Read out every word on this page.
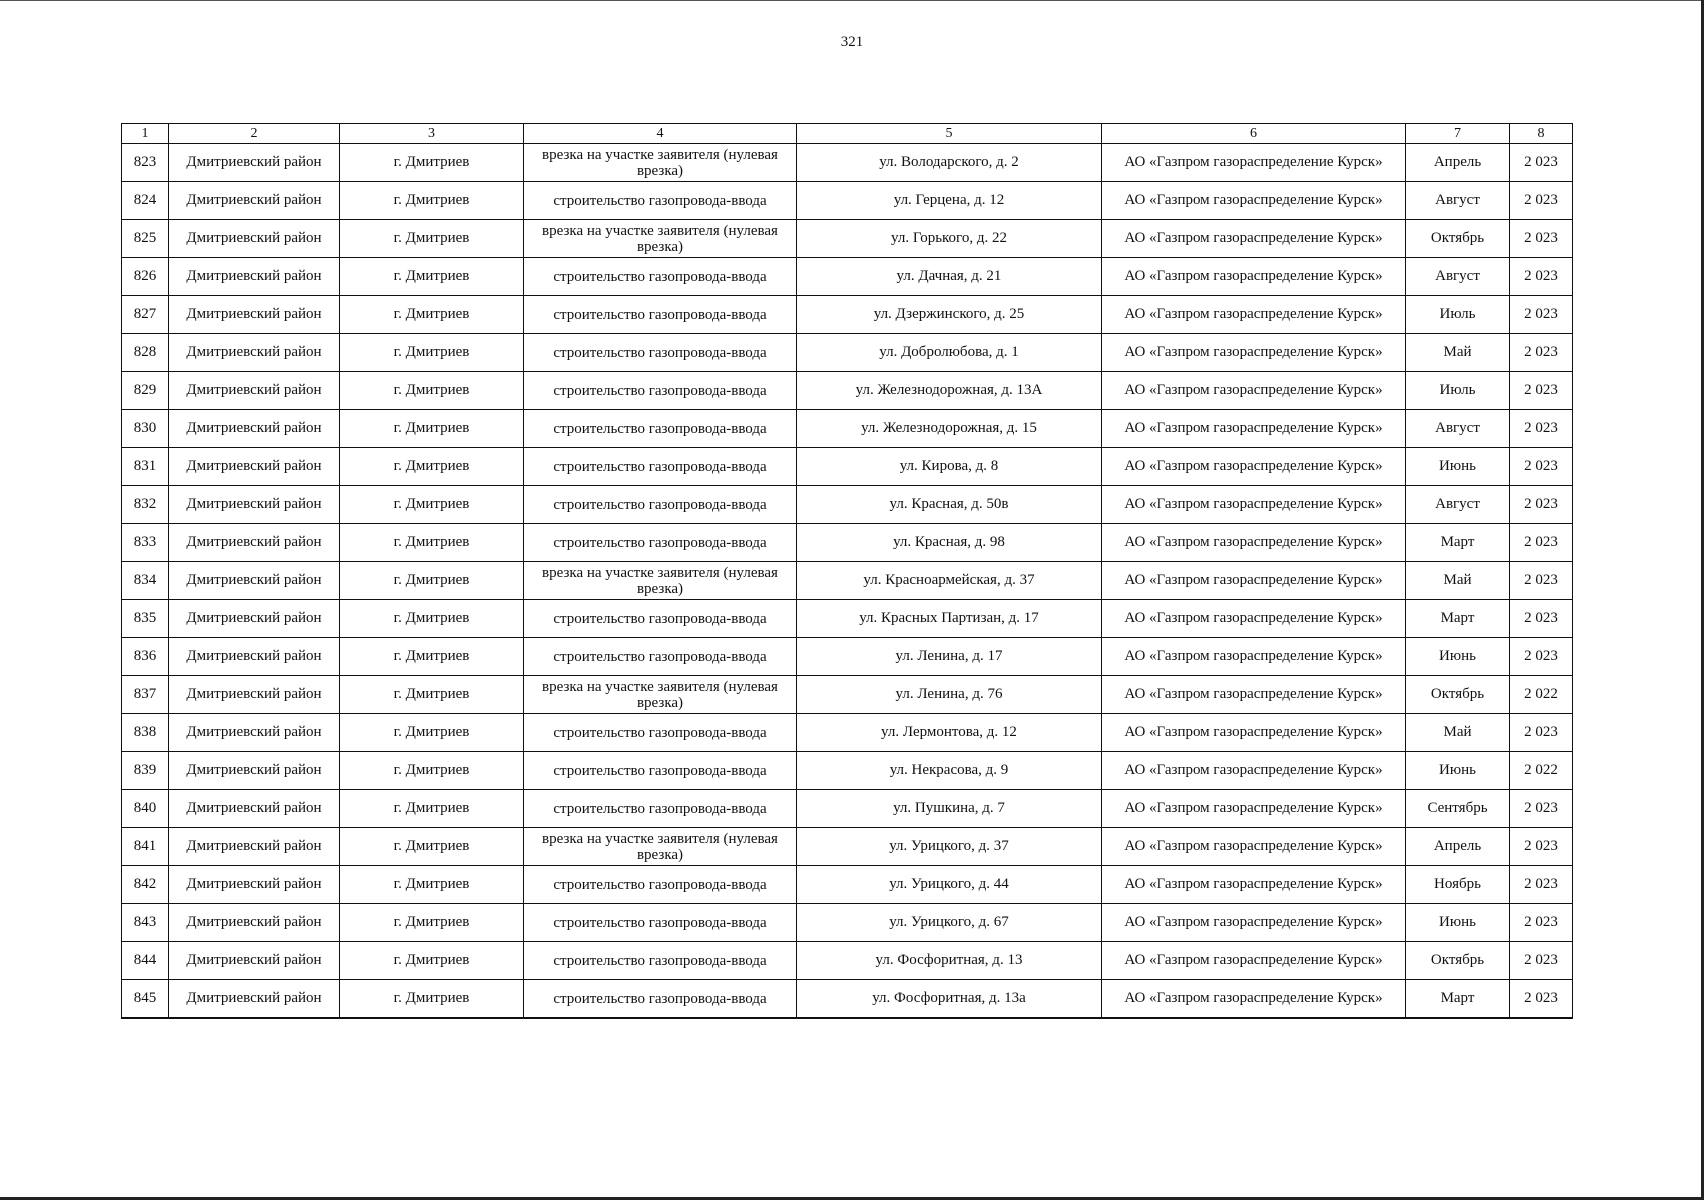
321
1	2	3	4	5	6	7	8
823	Дмитриевский район	г. Дмитриев	врезка на участке заявителя (нулевая врезка)	ул. Володарского, д. 2	АО «Газпром газораспределение Курск»	Апрель	2 023
824	Дмитриевский район	г. Дмитриев	строительство газопровода-ввода	ул. Герцена, д. 12	АО «Газпром газораспределение Курск»	Август	2 023
825	Дмитриевский район	г. Дмитриев	врезка на участке заявителя (нулевая врезка)	ул. Горького, д. 22	АО «Газпром газораспределение Курск»	Октябрь	2 023
826	Дмитриевский район	г. Дмитриев	строительство газопровода-ввода	ул. Дачная, д. 21	АО «Газпром газораспределение Курск»	Август	2 023
827	Дмитриевский район	г. Дмитриев	строительство газопровода-ввода	ул. Дзержинского, д. 25	АО «Газпром газораспределение Курск»	Июль	2 023
828	Дмитриевский район	г. Дмитриев	строительство газопровода-ввода	ул. Добролюбова, д. 1	АО «Газпром газораспределение Курск»	Май	2 023
829	Дмитриевский район	г. Дмитриев	строительство газопровода-ввода	ул. Железнодорожная, д. 13А	АО «Газпром газораспределение Курск»	Июль	2 023
830	Дмитриевский район	г. Дмитриев	строительство газопровода-ввода	ул. Железнодорожная, д. 15	АО «Газпром газораспределение Курск»	Август	2 023
831	Дмитриевский район	г. Дмитриев	строительство газопровода-ввода	ул. Кирова, д. 8	АО «Газпром газораспределение Курск»	Июнь	2 023
832	Дмитриевский район	г. Дмитриев	строительство газопровода-ввода	ул. Красная, д. 50в	АО «Газпром газораспределение Курск»	Август	2 023
833	Дмитриевский район	г. Дмитриев	строительство газопровода-ввода	ул. Красная, д. 98	АО «Газпром газораспределение Курск»	Март	2 023
834	Дмитриевский район	г. Дмитриев	врезка на участке заявителя (нулевая врезка)	ул. Красноармейская, д. 37	АО «Газпром газораспределение Курск»	Май	2 023
835	Дмитриевский район	г. Дмитриев	строительство газопровода-ввода	ул. Красных Партизан, д. 17	АО «Газпром газораспределение Курск»	Март	2 023
836	Дмитриевский район	г. Дмитриев	строительство газопровода-ввода	ул. Ленина, д. 17	АО «Газпром газораспределение Курск»	Июнь	2 023
837	Дмитриевский район	г. Дмитриев	врезка на участке заявителя (нулевая врезка)	ул. Ленина, д. 76	АО «Газпром газораспределение Курск»	Октябрь	2 022
838	Дмитриевский район	г. Дмитриев	строительство газопровода-ввода	ул. Лермонтова, д. 12	АО «Газпром газораспределение Курск»	Май	2 023
839	Дмитриевский район	г. Дмитриев	строительство газопровода-ввода	ул. Некрасова, д. 9	АО «Газпром газораспределение Курск»	Июнь	2 022
840	Дмитриевский район	г. Дмитриев	строительство газопровода-ввода	ул. Пушкина, д. 7	АО «Газпром газораспределение Курск»	Сентябрь	2 023
841	Дмитриевский район	г. Дмитриев	врезка на участке заявителя (нулевая врезка)	ул. Урицкого, д. 37	АО «Газпром газораспределение Курск»	Апрель	2 023
842	Дмитриевский район	г. Дмитриев	строительство газопровода-ввода	ул. Урицкого, д. 44	АО «Газпром газораспределение Курск»	Ноябрь	2 023
843	Дмитриевский район	г. Дмитриев	строительство газопровода-ввода	ул. Урицкого, д. 67	АО «Газпром газораспределение Курск»	Июнь	2 023
844	Дмитриевский район	г. Дмитриев	строительство газопровода-ввода	ул. Фосфоритная, д. 13	АО «Газпром газораспределение Курск»	Октябрь	2 023
845	Дмитриевский район	г. Дмитриев	строительство газопровода-ввода	ул. Фосфоритная, д. 13а	АО «Газпром газораспределение Курск»	Март	2 023
